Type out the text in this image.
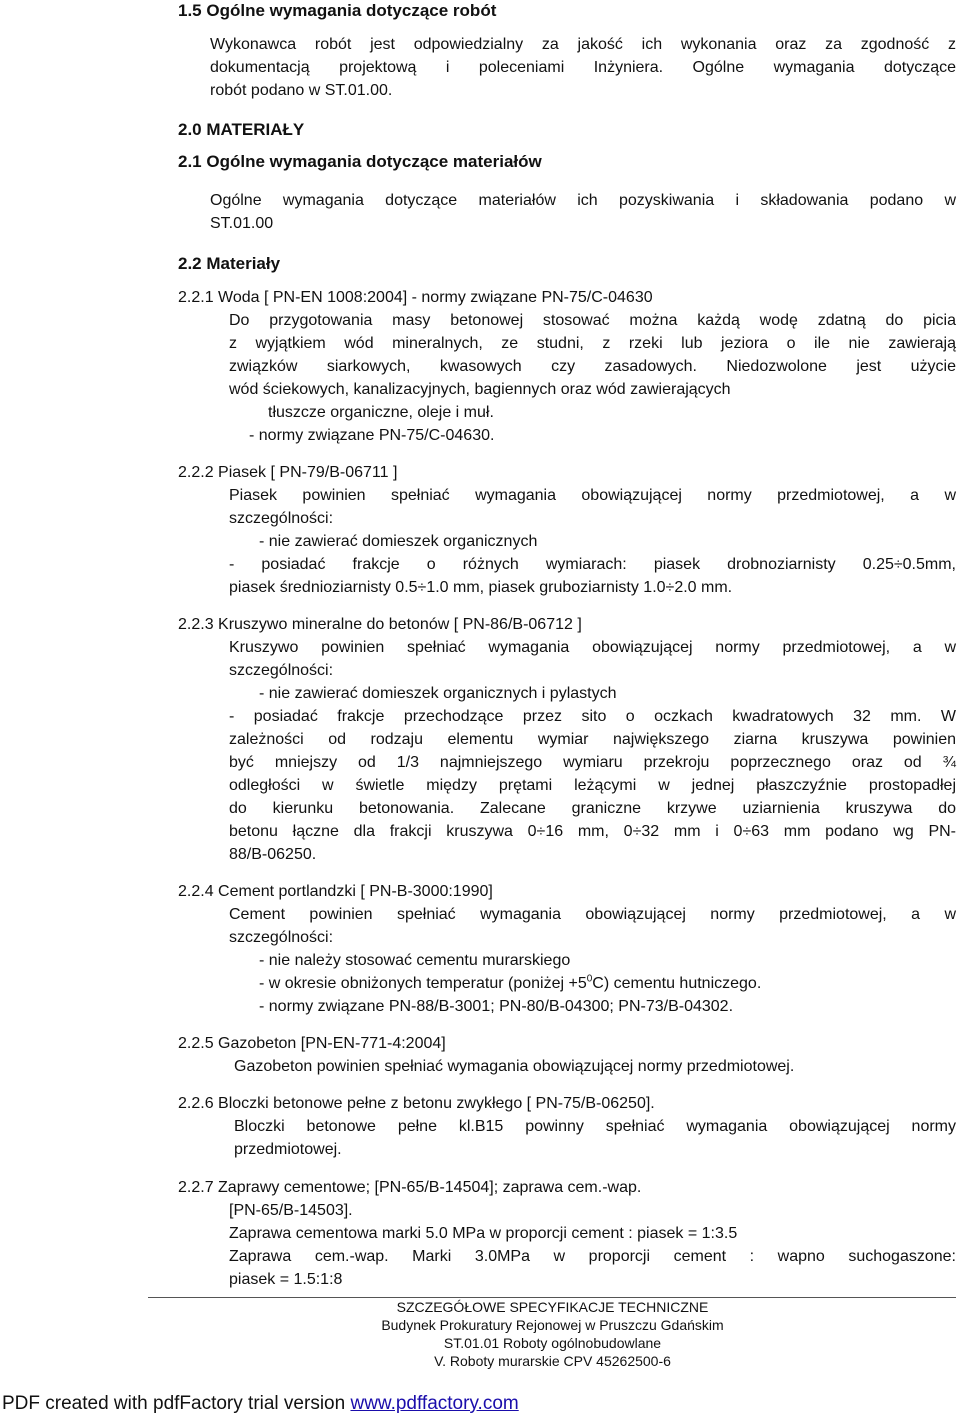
1.5 Ogólne wymagania dotyczące robót
Wykonawca robót jest odpowiedzialny za jakość ich wykonania oraz za zgodność z
dokumentacją projektową i poleceniami Inżyniera. Ogólne wymagania dotyczące
robót podano w ST.01.00.
2.0 MATERIAŁY
2.1 Ogólne wymagania dotyczące materiałów
Ogólne wymagania dotyczące materiałów ich pozyskiwania i składowania podano w
ST.01.00
2.2 Materiały
2.2.1 Woda [ PN-EN 1008:2004] - normy związane PN-75/C-04630
Do przygotowania masy betonowej stosować można każdą wodę zdatną do picia
z wyjątkiem wód mineralnych, ze studni, z rzeki lub jeziora o ile nie zawierają
związków siarkowych, kwasowych czy zasadowych. Niedozwolone jest użycie
wód ściekowych, kanalizacyjnych, bagiennych oraz wód zawierających
tłuszcze organiczne, oleje i muł.
- normy związane PN-75/C-04630.
2.2.2 Piasek [ PN-79/B-06711 ]
Piasek powinien spełniać wymagania obowiązującej normy przedmiotowej, a w
szczególności:
- nie zawierać domieszek organicznych
- posiadać frakcje o różnych wymiarach: piasek drobnoziarnisty 0.25÷0.5mm,
piasek średnioziarnisty 0.5÷1.0 mm, piasek gruboziarnisty 1.0÷2.0 mm.
2.2.3 Kruszywo mineralne do betonów [ PN-86/B-06712 ]
Kruszywo powinien spełniać wymagania obowiązującej normy przedmiotowej, a w
szczególności:
- nie zawierać domieszek organicznych i pylastych
- posiadać frakcje przechodzące przez sito o oczkach kwadratowych 32 mm. W
zależności od rodzaju elementu wymiar największego ziarna kruszywa powinien
być mniejszy od 1/3 najmniejszego wymiaru przekroju poprzecznego oraz od ¾
odległości w świetle między prętami leżącymi w jednej płaszczyźnie prostopadłej
do kierunku betonowania. Zalecane graniczne krzywe uziarnienia kruszywa do
betonu łączne dla frakcji kruszywa 0÷16 mm, 0÷32 mm i 0÷63 mm podano wg PN-
88/B-06250.
2.2.4 Cement portlandzki [ PN-B-3000:1990]
Cement powinien spełniać wymagania obowiązującej normy przedmiotowej, a w
szczególności:
- nie należy stosować cementu murarskiego
- w okresie obniżonych temperatur (poniżej $+5^0C$) cementu hutniczego.
- normy związane PN-88/B-3001; PN-80/B-04300; PN-73/B-04302.
2.2.5 Gazobeton [PN-EN-771-4:2004]
Gazobeton powinien spełniać wymagania obowiązującej normy przedmiotowej.
2.2.6 Bloczki betonowe pełne z betonu zwykłego [ PN-75/B-06250].
Bloczki betonowe pełne kl.B15 powinny spełniać wymagania obowiązującej normy
przedmiotowej.
2.2.7 Zaprawy cementowe; [PN-65/B-14504]; zaprawa cem.-wap.
[PN-65/B-14503].
Zaprawa cementowa marki 5.0 MPa w proporcji cement : piasek = 1:3.5
Zaprawa cem.-wap. Marki 3.0MPa w proporcji cement : wapno suchogaszone:
piasek = 1.5:1:8
SZCZEGÓŁOWE SPECYFIKACJE TECHNICZNE
Budynek Prokuratury Rejonowej w Pruszczu Gdańskim
ST.01.01 Roboty ogólnobudowlane
V. Roboty murarskie CPV 45262500-6
PDF created with pdfFactory trial version www.pdffactory.com
